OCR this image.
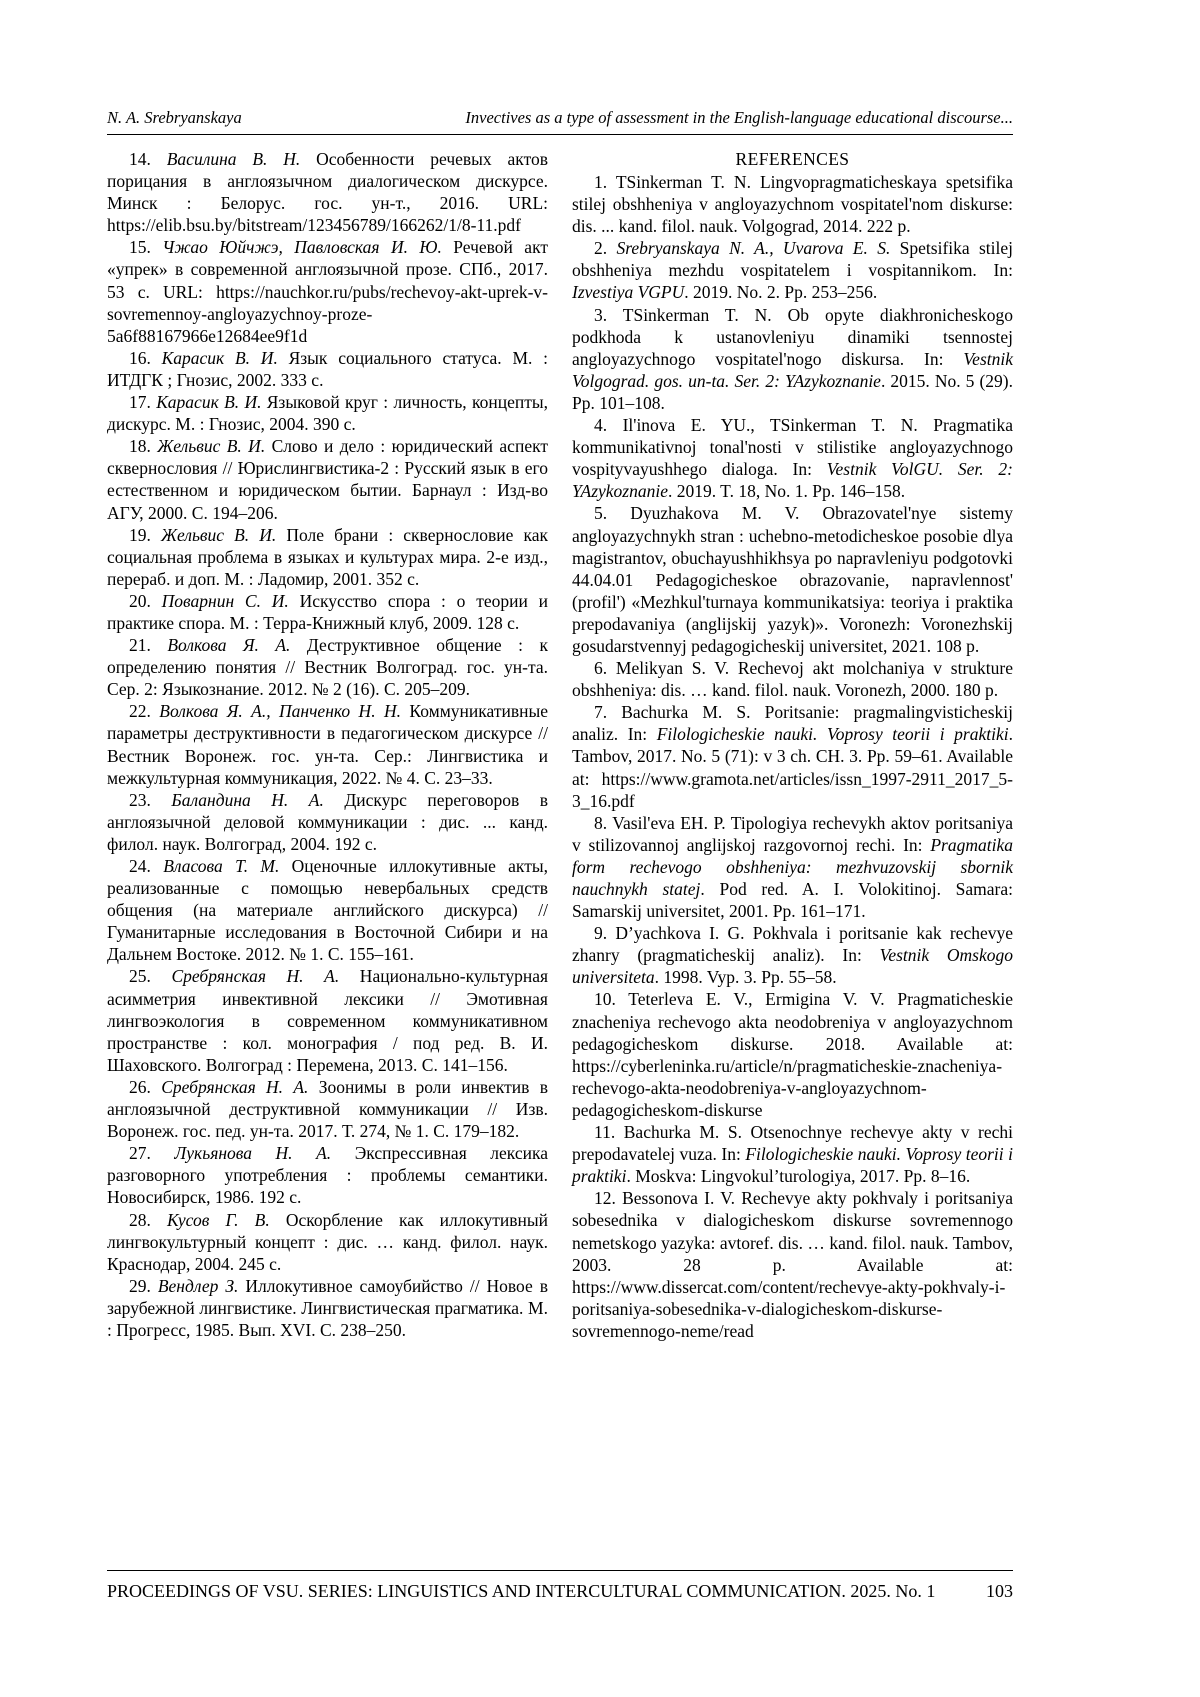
N. A. Srebryanskaya	Invectives as a type of assessment in the English-language educational discourse...

14. Василина В. Н. Особенности речевых актов порицания в англоязычном диалогическом дискурсе. Минск : Белорус. гос. ун-т., 2016. URL: https://elib.bsu.by/bitstream/123456789/166262/1/8-11.pdf

15. Чжао Юйчжэ, Павловская И. Ю. Речевой акт «упрек» в современной англоязычной прозе. СПб., 2017. 53 с. URL: https://nauchkor.ru/pubs/rechevoy-akt-uprek-v-sovremennoy-angloyazychnoy-proze-5a6f88167966e12684ee9f1d

16. Карасик В. И. Язык социального статуса. М. : ИТДГК ; Гнозис, 2002. 333 с.

17. Карасик В. И. Языковой круг : личность, концепты, дискурс. М. : Гнозис, 2004. 390 с.

18. Жельвис В. И. Слово и дело : юридический аспект сквернословия // Юрислингвистика-2 : Русский язык в его естественном и юридическом бытии. Барнаул : Изд-во АГУ, 2000. С. 194–206.

19. Жельвис В. И. Поле брани : сквернословие как социальная проблема в языках и культурах мира. 2-е изд., перераб. и доп. М. : Ладомир, 2001. 352 с.

20. Поварнин С. И. Искусство спора : о теории и практике спора. М. : Терра-Книжный клуб, 2009. 128 с.

21. Волкова Я. А. Деструктивное общение : к определению понятия // Вестник Волгоград. гос. ун-та. Сер. 2: Языкознание. 2012. № 2 (16). С. 205–209.

22. Волкова Я. А., Панченко Н. Н. Коммуникативные параметры деструктивности в педагогическом дискурсе // Вестник Воронеж. гос. ун-та. Сер.: Лингвистика и межкультурная коммуникация, 2022. № 4. С. 23–33.

23. Баландина Н. А. Дискурс переговоров в англоязычной деловой коммуникации : дис. ... канд. филол. наук. Волгоград, 2004. 192 с.

24. Власова Т. М. Оценочные иллокутивные акты, реализованные с помощью невербальных средств общения (на материале английского дискурса) // Гуманитарные исследования в Восточной Сибири и на Дальнем Востоке. 2012. № 1. С. 155–161.

25. Сребрянская Н. А. Национально-культурная асимметрия инвективной лексики // Эмотивная лингвоэкология в современном коммуникативном пространстве : кол. монография / под ред. В. И. Шаховского. Волгоград : Перемена, 2013. С. 141–156.

26. Сребрянская Н. А. Зоонимы в роли инвектив в англоязычной деструктивной коммуникации // Изв. Воронеж. гос. пед. ун-та. 2017. Т. 274, № 1. С. 179–182.

27. Лукьянова Н. А. Экспрессивная лексика разговорного употребления : проблемы семантики. Новосибирск, 1986. 192 с.

28. Кусов Г. В. Оскорбление как иллокутивный лингвокультурный концепт : дис. … канд. филол. наук. Краснодар, 2004. 245 с.

29. Вендлер З. Иллокутивное самоубийство // Новое в зарубежной лингвистике. Лингвистическая прагматика. М. : Прогресс, 1985. Вып. XVI. С. 238–250.

REFERENCES

1. TSinkerman T. N. Lingvopragmaticheskaya spetsifika stilej obshheniya v angloyazychnom vospitatel'nom diskurse: dis. ... kand. filol. nauk. Volgograd, 2014. 222 p.

2. Srebryanskaya N. A., Uvarova E. S. Spetsifika stilej obshheniya mezhdu vospitatelem i vospitannikom. In: Izvestiya VGPU. 2019. No. 2. Pp. 253–256.

3. TSinkerman T. N. Ob opyte diakhronicheskogo podkhoda k ustanovleniyu dinamiki tsennostej angloyazychnogo vospitatel'nogo diskursa. In: Vestnik Volgograd. gos. un-ta. Ser. 2: YAzykoznanie. 2015. No. 5 (29). Pp. 101–108.

4. Il'inova E. YU., TSinkerman T. N. Pragmatika kommunikativnoj tonal'nosti v stilistike angloyazychnogo vospityvayushhego dialoga. In: Vestnik VolGU. Ser. 2: YAzykoznanie. 2019. T. 18, No. 1. Pp. 146–158.

5. Dyuzhakova M. V. Obrazovatel'nye sistemy angloyazychnykh stran : uchebno-metodicheskoe posobie dlya magistrantov, obuchayushhikhsya po napravleniyu podgotovki 44.04.01 Pedagogicheskoe obrazovanie, napravlennost' (profil') «Mezhkul'turnaya kommunikatsiya: teoriya i praktika prepodavaniya (anglijskij yazyk)». Voronezh: Voronezhskij gosudarstvennyj pedagogicheskij universitet, 2021. 108 p.

6. Melikyan S. V. Rechevoj akt molchaniya v strukture obshheniya: dis. … kand. filol. nauk. Voronezh, 2000. 180 p.

7. Bachurka M. S. Poritsanie: pragmalingvisticheskij analiz. In: Filologicheskie nauki. Voprosy teorii i praktiki. Tambov, 2017. No. 5 (71): v 3 ch. CH. 3. Pp. 59–61. Available at: https://www.gramota.net/articles/issn_1997-2911_2017_5-3_16.pdf

8. Vasil'eva EH. P. Tipologiya rechevykh aktov poritsaniya v stilizovannoj anglijskoj razgovornoj rechi. In: Pragmatika form rechevogo obshheniya: mezhvuzovskij sbornik nauchnykh statej. Pod red. A. I. Volokitinoj. Samara: Samarskij universitet, 2001. Pp. 161–171.

9. D’yachkova I. G. Pokhvala i poritsanie kak rechevye zhanry (pragmaticheskij analiz). In: Vestnik Omskogo universiteta. 1998. Vyp. 3. Pp. 55–58.

10. Teterleva E. V., Ermigina V. V. Pragmaticheskie znacheniya rechevogo akta neodobreniya v angloyazychnom pedagogicheskom diskurse. 2018. Available at: https://cyberleninka.ru/article/n/pragmaticheskie-znacheniya-rechevogo-akta-neodobreniya-v-angloyazychnom-pedagogicheskom-diskurse

11. Bachurka M. S. Otsenochnye rechevye akty v rechi prepodavatelej vuza. In: Filologicheskie nauki. Voprosy teorii i praktiki. Moskva: Lingvokul’turologiya, 2017. Pp. 8–16.

12. Bessonova I. V. Rechevye akty pokhvaly i poritsaniya sobesednika v dialogicheskom diskurse sovremennogo nemetskogo yazyka: avtoref. dis. … kand. filol. nauk. Tambov, 2003. 28 p. Available at: https://www.dissercat.com/content/rechevye-akty-pokhvaly-i-poritsaniya-sobesednika-v-dialogicheskom-diskurse-sovremennogo-neme/read

PROCEEDINGS OF VSU. SERIES: LINGUISTICS AND INTERCULTURAL COMMUNICATION. 2025. No. 1	103
